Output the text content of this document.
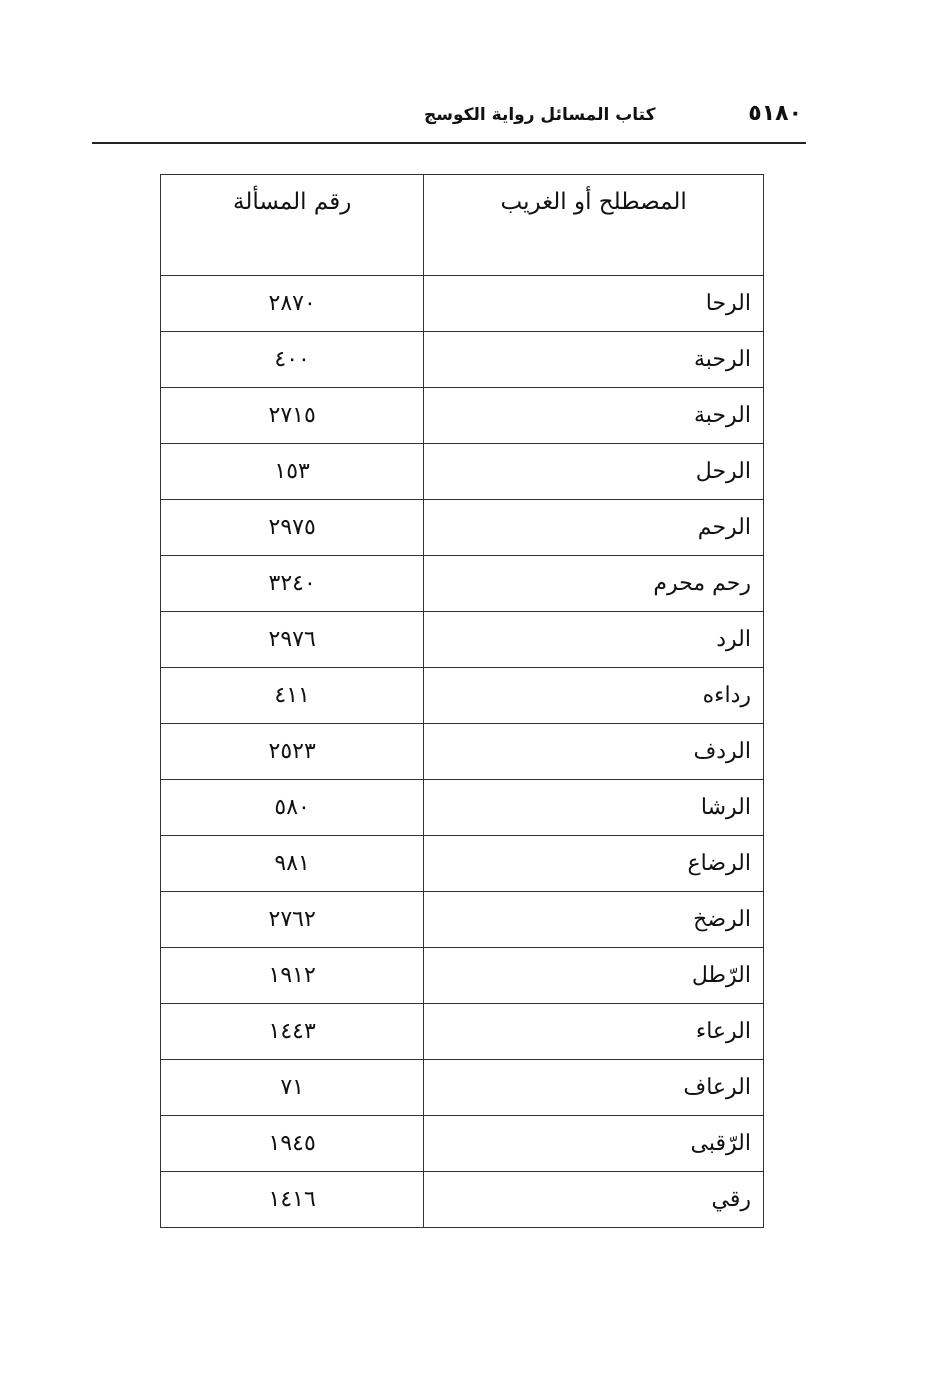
كتاب المسائل رواية الكوسج	٥١٨٠
المصطلح أو الغريب	رقم المسألة
الرحا	٢٨٧٠
الرحبة	٤٠٠
الرحبة	٢٧١٥
الرحل	١٥٣
الرحم	٢٩٧٥
رحم محرم	٣٢٤٠
الرد	٢٩٧٦
رداءه	٤١١
الردف	٢٥٢٣
الرشا	٥٨٠
الرضاع	٩٨١
الرضخ	٢٧٦٢
الرّطل	١٩١٢
الرعاء	١٤٤٣
الرعاف	٧١
الرّقبى	١٩٤٥
رقي	١٤١٦
